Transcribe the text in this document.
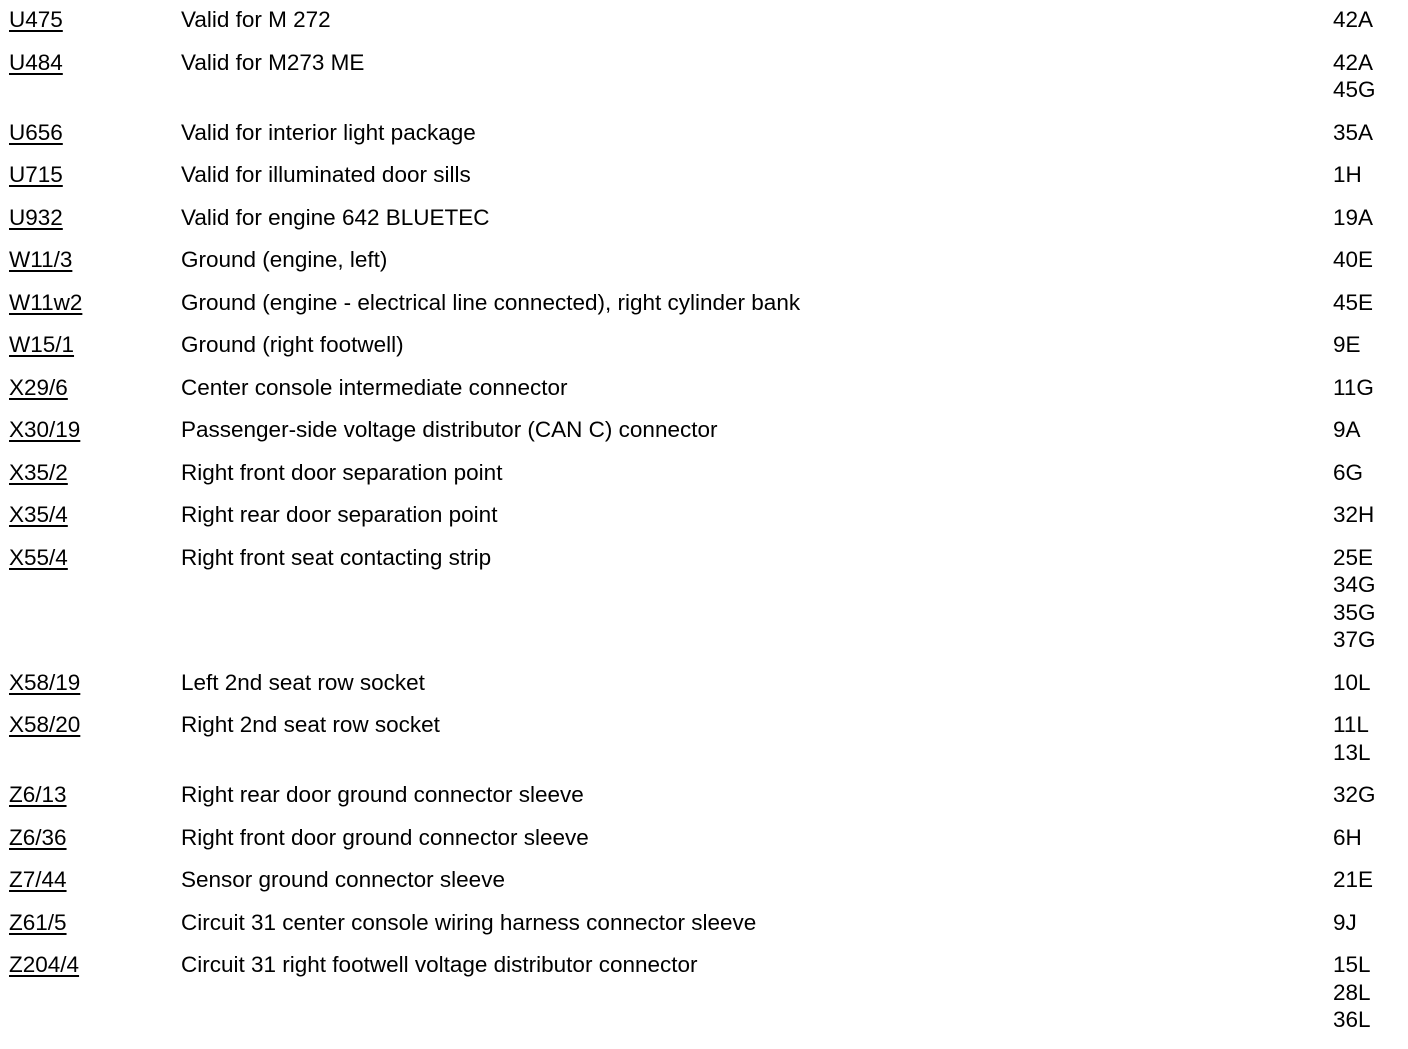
U475	Valid for M 272	42A
U484	Valid for M273 ME	42A
45G
U656	Valid for interior light package	35A
U715	Valid for illuminated door sills	1H
U932	Valid for engine 642 BLUETEC	19A
W11/3	Ground (engine, left)	40E
W11w2	Ground (engine - electrical line connected), right cylinder bank	45E
W15/1	Ground (right footwell)	9E
X29/6	Center console intermediate connector	11G
X30/19	Passenger-side voltage distributor (CAN C) connector	9A
X35/2	Right front door separation point	6G
X35/4	Right rear door separation point	32H
X55/4	Right front seat contacting strip	25E
34G
35G
37G
X58/19	Left 2nd seat row socket	10L
X58/20	Right 2nd seat row socket	11L
13L
Z6/13	Right rear door ground connector sleeve	32G
Z6/36	Right front door ground connector sleeve	6H
Z7/44	Sensor ground connector sleeve	21E
Z61/5	Circuit 31 center console wiring harness connector sleeve	9J
Z204/4	Circuit 31 right footwell voltage distributor connector	15L
28L
36L
